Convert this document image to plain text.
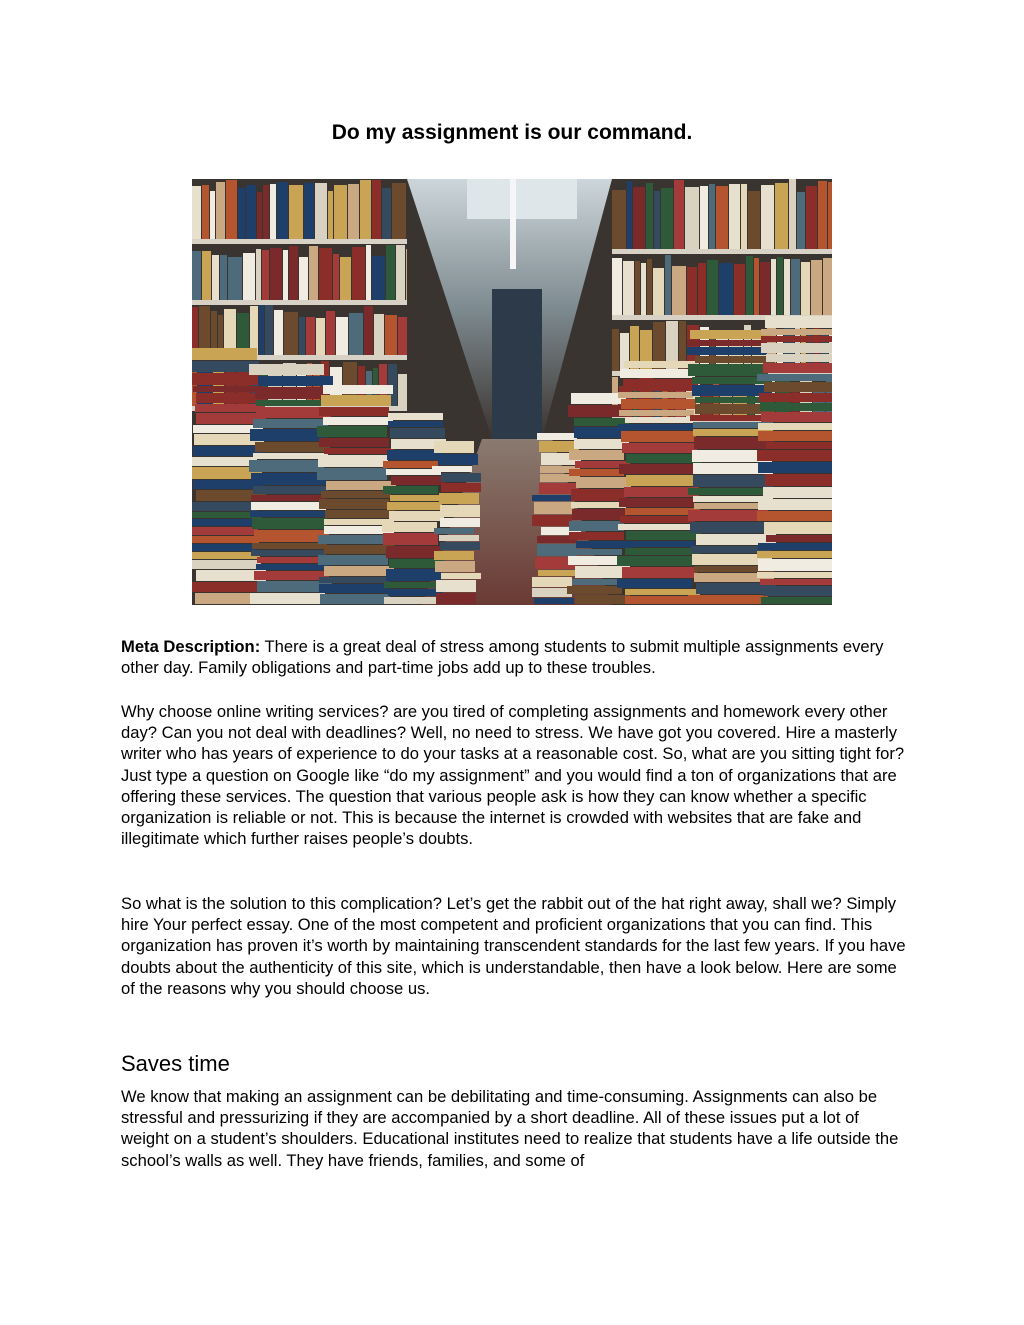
Do my assignment is our command.

Meta Description: There is a great deal of stress among students to submit multiple assignments every other day. Family obligations and part-time jobs add up to these troubles.

Why choose online writing services? are you tired of completing assignments and homework every other day? Can you not deal with deadlines? Well, no need to stress. We have got you covered. Hire a masterly writer who has years of experience to do your tasks at a reasonable cost. So, what are you sitting tight for? Just type a question on Google like “do my assignment” and you would find a ton of organizations that are offering these services. The question that various people ask is how they can know whether a specific organization is reliable or not. This is because the internet is crowded with websites that are fake and illegitimate which further raises people’s doubts.

So what is the solution to this complication? Let’s get the rabbit out of the hat right away, shall we? Simply hire Your perfect essay. One of the most competent and proficient organizations that you can find. This organization has proven it’s worth by maintaining transcendent standards for the last few years. If you have doubts about the authenticity of this site, which is understandable, then have a look below. Here are some of the reasons why you should choose us.

Saves time

We know that making an assignment can be debilitating and time-consuming. Assignments can also be stressful and pressurizing if they are accompanied by a short deadline. All of these issues put a lot of weight on a student’s shoulders. Educational institutes need to realize that students have a life outside the school’s walls as well. They have friends, families, and some of
